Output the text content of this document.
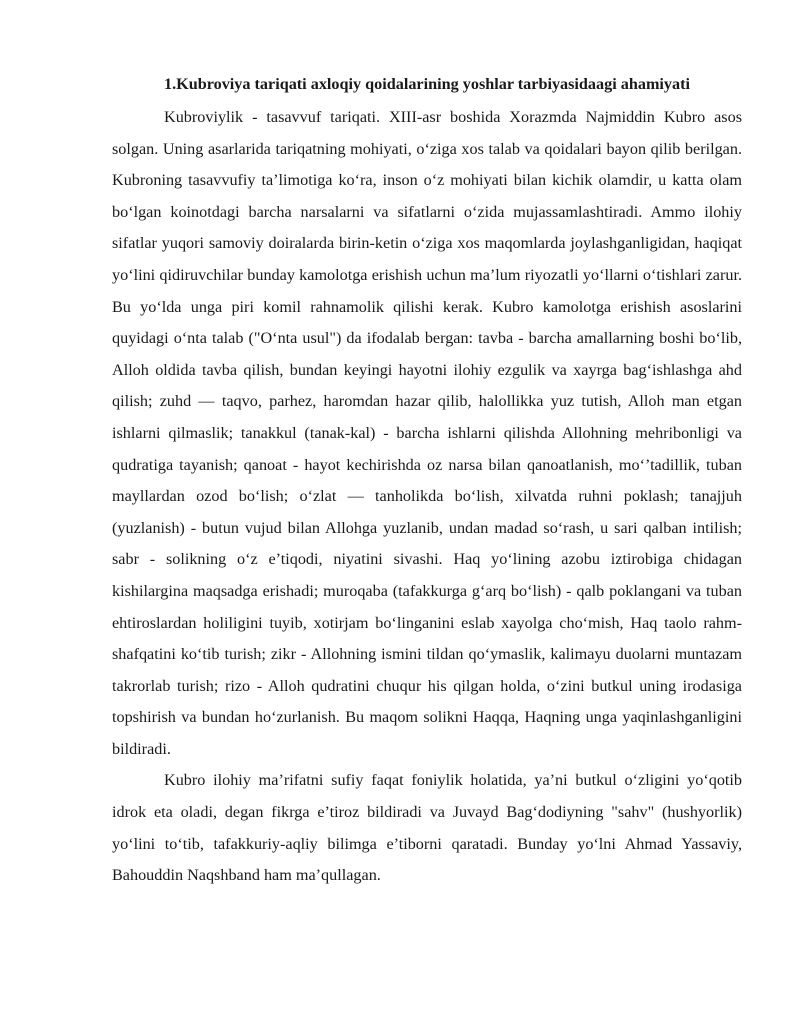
1.Kubroviya tariqati axloqiy qoidalarining yoshlar tarbiyasidaagi ahamiyati

Kubroviylik - tasavvuf tariqati. XIII-asr boshida Xorazmda Najmiddin Kubro asos solgan. Uning asarlarida tariqatning mohiyati, o‘ziga xos talab va qoidalari bayon qilib berilgan. Kubroning tasavvufiy ta’limotiga ko‘ra, inson o‘z mohiyati bilan kichik olamdir, u katta olam bo‘lgan koinotdagi barcha narsalarni va sifatlarni o‘zida mujassamlashtiradi. Ammo ilohiy sifatlar yuqori samoviy doiralarda birin-ketin o‘ziga xos maqomlarda joylashganligidan, haqiqat yo‘lini qidiruvchilar bunday kamolotga erishish uchun ma’lum riyozatli yo‘llarni o‘tishlari zarur. Bu yo‘lda unga piri komil rahnamolik qilishi kerak. Kubro kamolotga erishish asoslarini quyidagi o‘nta talab ("O‘nta usul") da ifodalab bergan: tavba - barcha amallarning boshi bo‘lib, Alloh oldida tavba qilish, bundan keyingi hayotni ilohiy ezgulik va xayrga bag‘ishlashga ahd qilish; zuhd — taqvo, parhez, haromdan hazar qilib, halollikka yuz tutish, Alloh man etgan ishlarni qilmaslik; tanakkul (tanak-kal) - barcha ishlarni qilishda Allohning mehribonligi va qudratiga tayanish; qanoat - hayot kechirishda oz narsa bilan qanoatlanish, mo‘’tadillik, tuban mayllardan ozod bo‘lish; o‘zlat — tanholikda bo‘lish, xilvatda ruhni poklash; tanajjuh (yuzlanish) - butun vujud bilan Allohga yuzlanib, undan madad so‘rash, u sari qalban intilish; sabr - solikning o‘z e’tiqodi, niyatini sivashi. Haq yo‘lining azobu iztirobiga chidagan kishilargina maqsadga erishadi; muroqaba (tafakkurga g‘arq bo‘lish) - qalb poklangani va tuban ehtiroslardan holiligini tuyib, xotirjam bo‘linganini eslab xayolga cho‘mish, Haq taolo rahm-shafqatini ko‘tib turish; zikr - Allohning ismini tildan qo‘ymaslik, kalimayu duolarni muntazam takrorlab turish; rizo - Alloh qudratini chuqur his qilgan holda, o‘zini butkul uning irodasiga topshirish va bundan ho‘zurlanish. Bu maqom solikni Haqqa, Haqning unga yaqinlashganligini bildiradi.

Kubro ilohiy ma’rifatni sufiy faqat foniylik holatida, ya’ni butkul o‘zligini yo‘qotib idrok eta oladi, degan fikrga e’tiroz bildiradi va Juvayd Bag‘dodiyning "sahv" (hushyorlik) yo‘lini to‘tib, tafakkuriy-aqliy bilimga e’tiborni qaratadi. Bunday yo‘lni Ahmad Yassaviy, Bahouddin Naqshband ham ma’qullagan.
